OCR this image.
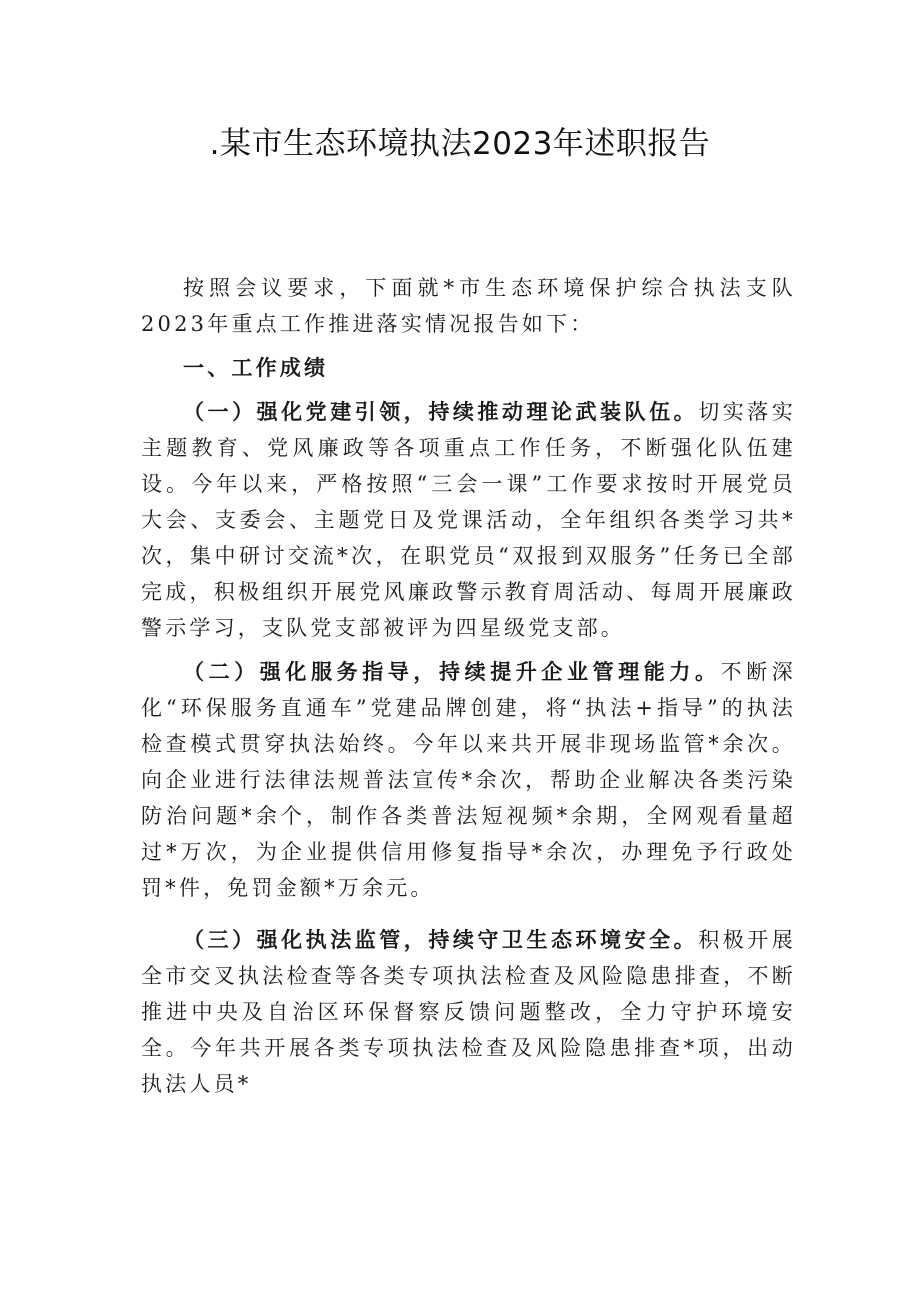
.某市生态环境执法2023年述职报告

按照会议要求，下面就*市生态环境保护综合执法支队2023年重点工作推进落实情况报告如下：

一、工作成绩

（一）强化党建引领，持续推动理论武装队伍。切实落实主题教育、党风廉政等各项重点工作任务，不断强化队伍建设。今年以来，严格按照“三会一课”工作要求按时开展党员大会、支委会、主题党日及党课活动，全年组织各类学习共*次，集中研讨交流*次，在职党员“双报到双服务”任务已全部完成，积极组织开展党风廉政警示教育周活动、每周开展廉政警示学习，支队党支部被评为四星级党支部。

（二）强化服务指导，持续提升企业管理能力。不断深化“环保服务直通车”党建品牌创建，将“执法+指导”的执法检查模式贯穿执法始终。今年以来共开展非现场监管*余次。向企业进行法律法规普法宣传*余次，帮助企业解决各类污染防治问题*余个，制作各类普法短视频*余期，全网观看量超过*万次，为企业提供信用修复指导*余次，办理免予行政处罚*件，免罚金额*万余元。

（三）强化执法监管，持续守卫生态环境安全。积极开展全市交叉执法检查等各类专项执法检查及风险隐患排查，不断推进中央及自治区环保督察反馈问题整改，全力守护环境安全。今年共开展各类专项执法检查及风险隐患排查*项，出动执法人员*
